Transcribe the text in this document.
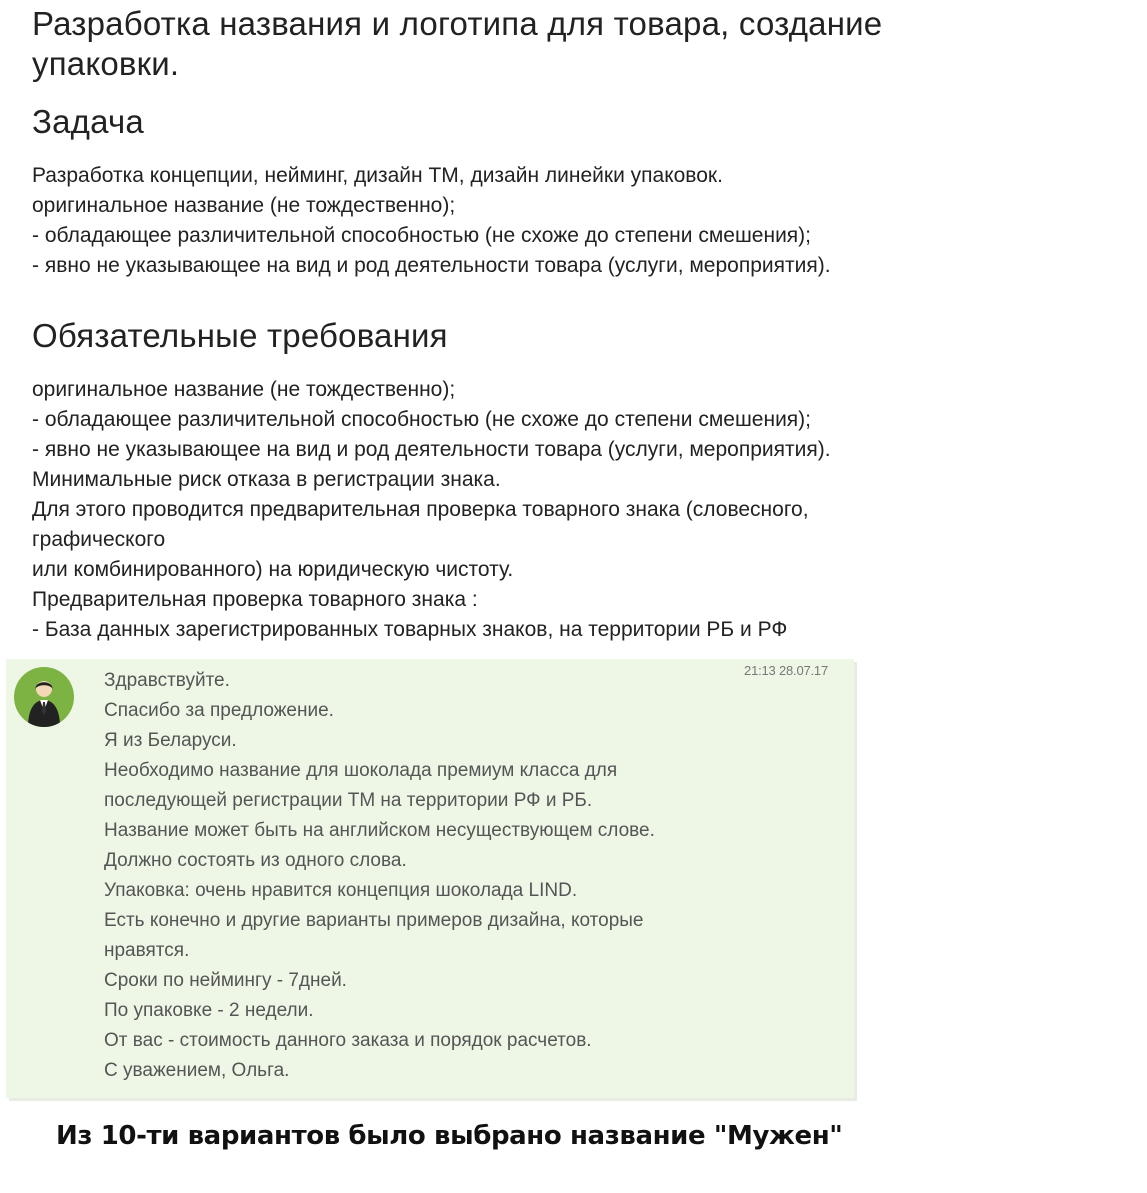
Разработка названия и логотипа для товара, создание упаковки.
Задача
Разработка концепции, нейминг, дизайн ТМ, дизайн линейки упаковок.
оригинальное название (не тождественно);
- обладающее различительной способностью (не схоже до степени смешения);
- явно не указывающее на вид и род деятельности товара (услуги, мероприятия).
Обязательные требования
оригинальное название (не тождественно);
- обладающее различительной способностью (не схоже до степени смешения);
- явно не указывающее на вид и род деятельности товара (услуги, мероприятия).
Минимальные риск отказа в регистрации знака.
Для этого проводится предварительная проверка товарного знака (словесного,
графического
или комбинированного) на юридическую чистоту.
Предварительная проверка товарного знака :
- База данных зарегистрированных товарных знаков, на территории РБ и РФ
21:13 28.07.17
Здравствуйте.
Спасибо за предложение.
Я из Беларуси.
Необходимо название для шоколада премиум класса для
последующей регистрации ТМ на территории РФ и РБ.
Название может быть на английском несуществующем слове.
Должно состоять из одного слова.
Упаковка: очень нравится концепция шоколада LIND.
Есть конечно и другие варианты примеров дизайна, которые
нравятся.
Сроки по неймингу - 7дней.
По упаковке - 2 недели.
От вас - стоимость данного заказа и порядок расчетов.
С уважением, Ольга.

Из 10-ти вариантов было выбрано название "Мужен"
